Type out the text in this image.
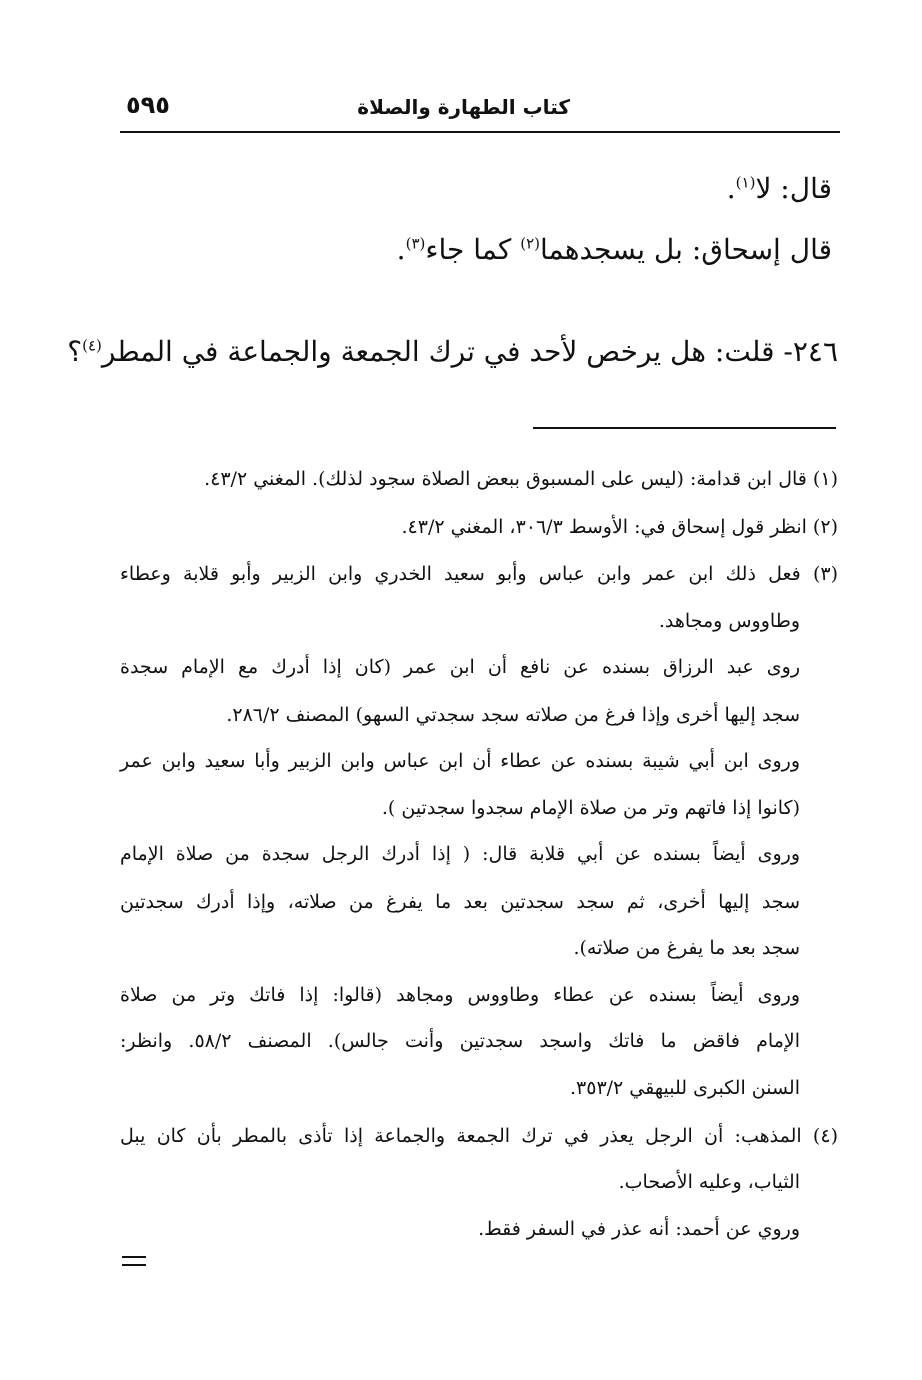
كتاب الطهارة والصلاة
٥٩٥
قال: لا$^{(١)}$.
قال إسحاق: بل يسجدهما$^{(٢)}$ كما جاء$^{(٣)}$.
٢٤٦- قلت: هل يرخص لأحد في ترك الجمعة والجماعة في المطر$^{(٤)}$؟
(١) قال ابن قدامة: (ليس على المسبوق ببعض الصلاة سجود لذلك). المغني ٤٣/٢.
(٢) انظر قول إسحاق في: الأوسط ٣٠٦/٣، المغني ٤٣/٢.
(٣) فعل ذلك ابن عمر وابن عباس وأبو سعيد الخدري وابن الزبير وأبو قلابة وعطاء
وطاووس ومجاهد.
روى عبد الرزاق بسنده عن نافع أن ابن عمر (كان إذا أدرك مع الإمام سجدة
سجد إليها أخرى وإذا فرغ من صلاته سجد سجدتي السهو) المصنف ٢٨٦/٢.
وروى ابن أبي شيبة بسنده عن عطاء أن ابن عباس وابن الزبير وأبا سعيد وابن عمر
(كانوا إذا فاتهم وتر من صلاة الإمام سجدوا سجدتين ).
وروى أيضاً بسنده عن أبي قلابة قال: ( إذا أدرك الرجل سجدة من صلاة الإمام
سجد إليها أخرى، ثم سجد سجدتين بعد ما يفرغ من صلاته، وإذا أدرك سجدتين
سجد بعد ما يفرغ من صلاته).
وروى أيضاً بسنده عن عطاء وطاووس ومجاهد (قالوا: إذا فاتك وتر من صلاة
الإمام فاقض ما فاتك واسجد سجدتين وأنت جالس). المصنف ٥٨/٢. وانظر:
السنن الكبرى للبيهقي ٣٥٣/٢.
(٤) المذهب: أن الرجل يعذر في ترك الجمعة والجماعة إذا تأذى بالمطر بأن كان يبل
الثياب، وعليه الأصحاب.
وروي عن أحمد: أنه عذر في السفر فقط.
